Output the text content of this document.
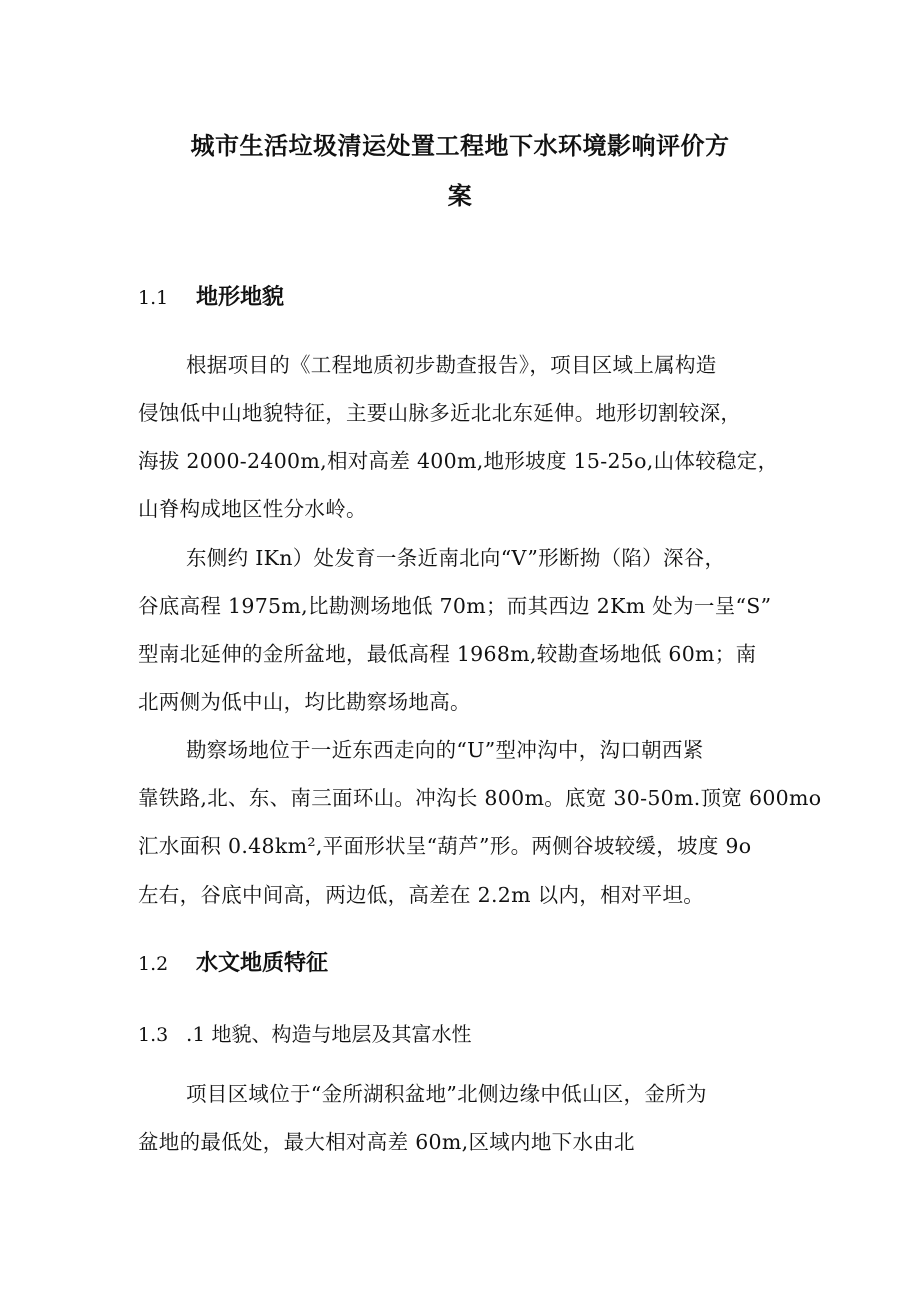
城市生活垃圾清运处置工程地下水环境影响评价方
案
1.1 地形地貌
根据项目的《工程地质初步勘查报告》，项目区域上属构造
侵蚀低中山地貌特征，主要山脉多近北北东延伸。地形切割较深，
海拔 2000-2400m,相对高差 400m,地形坡度 15-25o,山体较稳定，
山脊构成地区性分水岭。
东侧约 IKn）处发育一条近南北向“V”形断拗（陷）深谷，
谷底高程 1975m,比勘测场地低 70m；而其西边 2Km 处为一呈“S”
型南北延伸的金所盆地，最低高程 1968m,较勘查场地低 60m；南
北两侧为低中山，均比勘察场地高。
勘察场地位于一近东西走向的“U”型冲沟中，沟口朝西紧
靠铁路,北、东、南三面环山。冲沟长 800m。底宽 30-50m.顶宽 600mo
汇水面积 0.48km²,平面形状呈“葫芦”形。两侧谷坡较缓，坡度 9o
左右，谷底中间高，两边低，高差在 2.2m 以内，相对平坦。
1.2 水文地质特征
1.3 .1 地貌、构造与地层及其富水性
项目区域位于“金所湖积盆地”北侧边缘中低山区，金所为
盆地的最低处，最大相对高差 60m,区域内地下水由北
